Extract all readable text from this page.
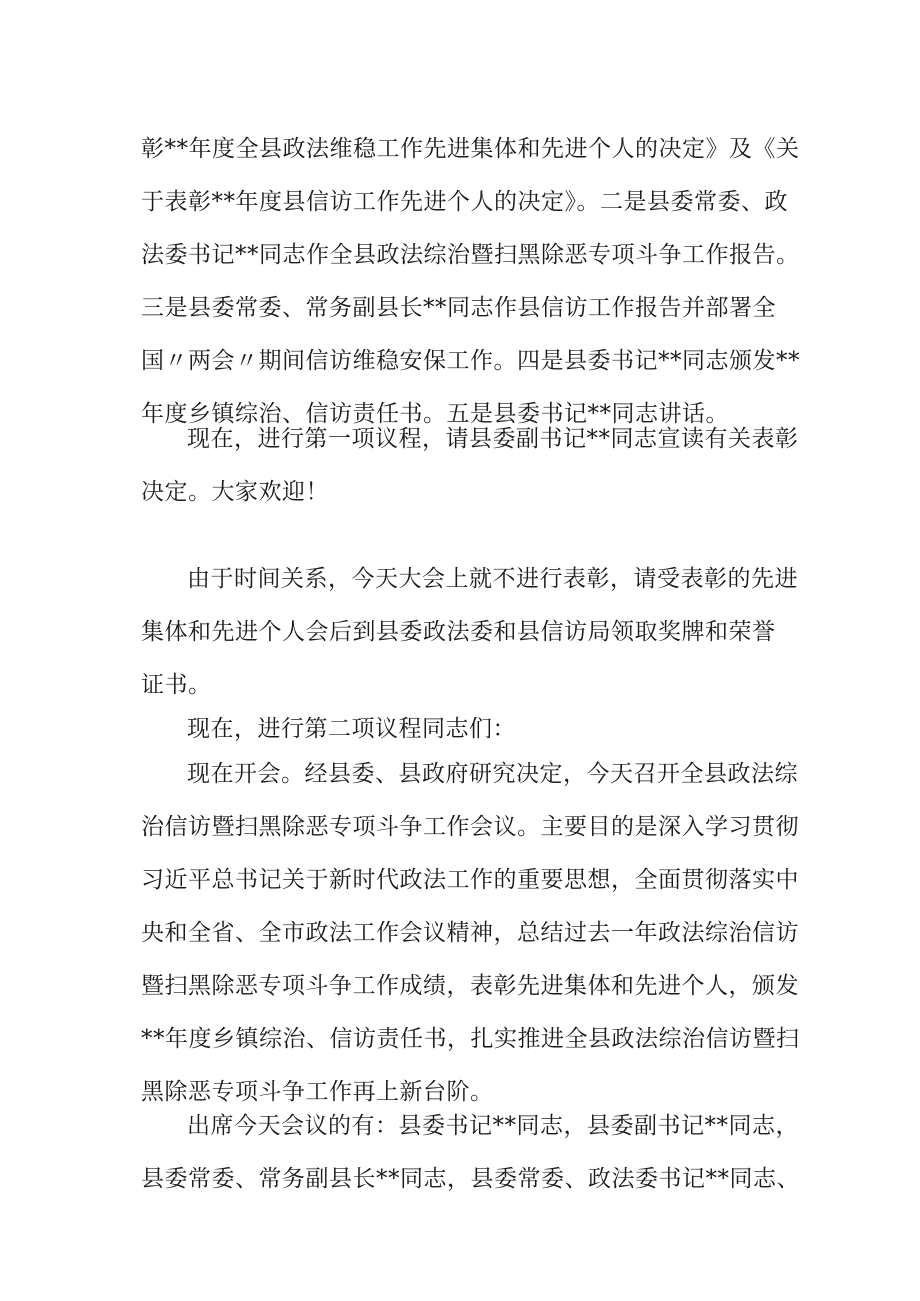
彰**年度全县政法维稳工作先进集体和先进个人的决定》及《关
于表彰**年度县信访工作先进个人的决定》。二是县委常委、政
法委书记**同志作全县政法综治暨扫黑除恶专项斗争工作报告。
三是县委常委、常务副县长**同志作县信访工作报告并部署全
国〃两会〃期间信访维稳安保工作。四是县委书记**同志颁发**
年度乡镇综治、信访责任书。五是县委书记**同志讲话。
现在，进行第一项议程，请县委副书记**同志宣读有关表彰
决定。大家欢迎！
由于时间关系，今天大会上就不进行表彰，请受表彰的先进
集体和先进个人会后到县委政法委和县信访局领取奖牌和荣誉
证书。
现在，进行第二项议程同志们：
现在开会。经县委、县政府研究决定，今天召开全县政法综
治信访暨扫黑除恶专项斗争工作会议。主要目的是深入学习贯彻
习近平总书记关于新时代政法工作的重要思想，全面贯彻落实中
央和全省、全市政法工作会议精神，总结过去一年政法综治信访
暨扫黑除恶专项斗争工作成绩，表彰先进集体和先进个人，颁发
**年度乡镇综治、信访责任书，扎实推进全县政法综治信访暨扫
黑除恶专项斗争工作再上新台阶。
出席今天会议的有：县委书记**同志，县委副书记**同志，
县委常委、常务副县长**同志，县委常委、政法委书记**同志、
